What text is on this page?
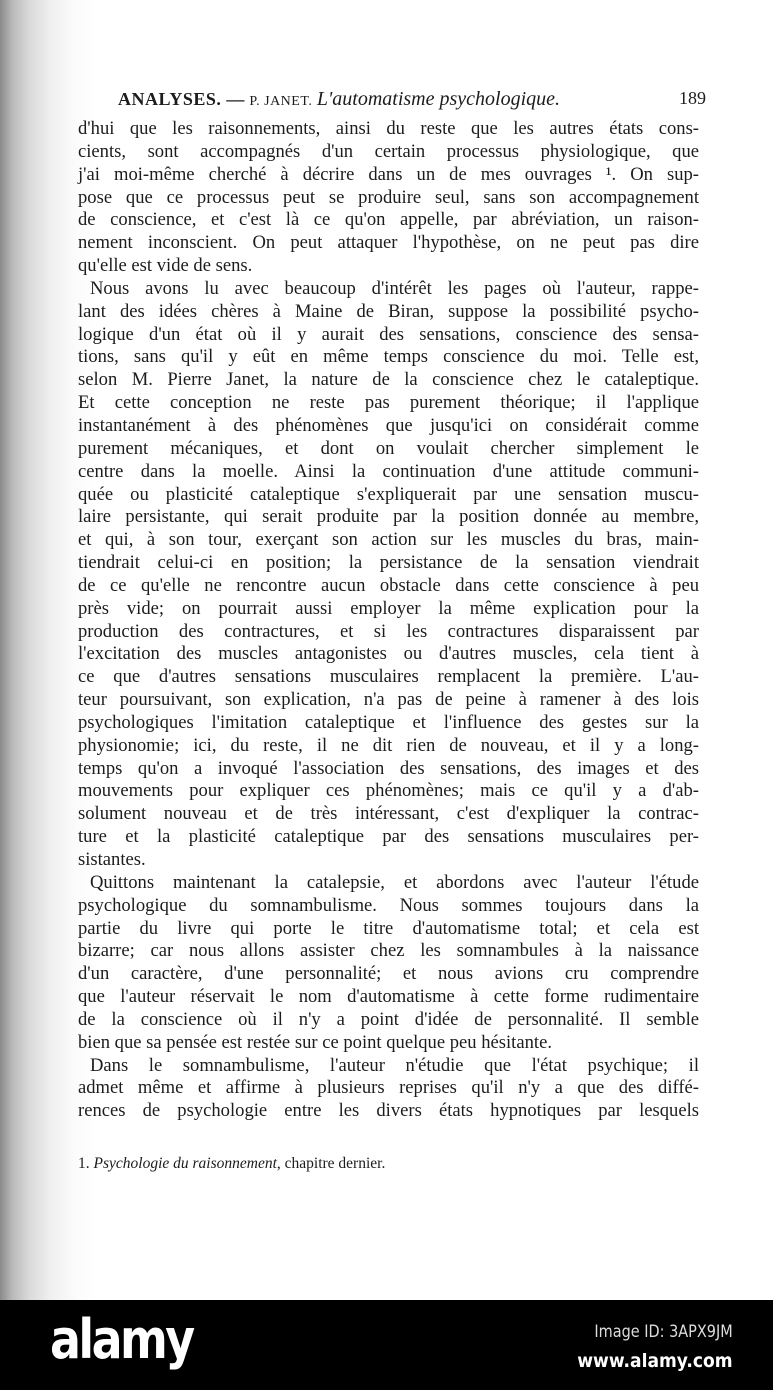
ANALYSES. — P. JANET. L'automatisme psychologique.	189
d'hui que les raisonnements, ainsi du reste que les autres états cons-
cients, sont accompagnés d'un certain processus physiologique, que
j'ai moi-même cherché à décrire dans un de mes ouvrages ¹. On sup-
pose que ce processus peut se produire seul, sans son accompagnement
de conscience, et c'est là ce qu'on appelle, par abréviation, un raison-
nement inconscient. On peut attaquer l'hypothèse, on ne peut pas dire
qu'elle est vide de sens.
Nous avons lu avec beaucoup d'intérêt les pages où l'auteur, rappe-
lant des idées chères à Maine de Biran, suppose la possibilité psycho-
logique d'un état où il y aurait des sensations, conscience des sensa-
tions, sans qu'il y eût en même temps conscience du moi. Telle est,
selon M. Pierre Janet, la nature de la conscience chez le cataleptique.
Et cette conception ne reste pas purement théorique; il l'applique
instantanément à des phénomènes que jusqu'ici on considérait comme
purement mécaniques, et dont on voulait chercher simplement le
centre dans la moelle. Ainsi la continuation d'une attitude communi-
quée ou plasticité cataleptique s'expliquerait par une sensation muscu-
laire persistante, qui serait produite par la position donnée au membre,
et qui, à son tour, exerçant son action sur les muscles du bras, main-
tiendrait celui-ci en position; la persistance de la sensation viendrait
de ce qu'elle ne rencontre aucun obstacle dans cette conscience à peu
près vide; on pourrait aussi employer la même explication pour la
production des contractures, et si les contractures disparaissent par
l'excitation des muscles antagonistes ou d'autres muscles, cela tient à
ce que d'autres sensations musculaires remplacent la première. L'au-
teur poursuivant, son explication, n'a pas de peine à ramener à des lois
psychologiques l'imitation cataleptique et l'influence des gestes sur la
physionomie; ici, du reste, il ne dit rien de nouveau, et il y a long-
temps qu'on a invoqué l'association des sensations, des images et des
mouvements pour expliquer ces phénomènes; mais ce qu'il y a d'ab-
solument nouveau et de très intéressant, c'est d'expliquer la contrac-
ture et la plasticité cataleptique par des sensations musculaires per-
sistantes.
Quittons maintenant la catalepsie, et abordons avec l'auteur l'étude
psychologique du somnambulisme. Nous sommes toujours dans la
partie du livre qui porte le titre d'automatisme total; et cela est
bizarre; car nous allons assister chez les somnambules à la naissance
d'un caractère, d'une personnalité; et nous avions cru comprendre
que l'auteur réservait le nom d'automatisme à cette forme rudimentaire
de la conscience où il n'y a point d'idée de personnalité. Il semble
bien que sa pensée est restée sur ce point quelque peu hésitante.
Dans le somnambulisme, l'auteur n'étudie que l'état psychique; il
admet même et affirme à plusieurs reprises qu'il n'y a que des diffé-
rences de psychologie entre les divers états hypnotiques par lesquels
1. Psychologie du raisonnement, chapitre dernier.
alamy	Image ID: 3APX9JM
www.alamy.com
